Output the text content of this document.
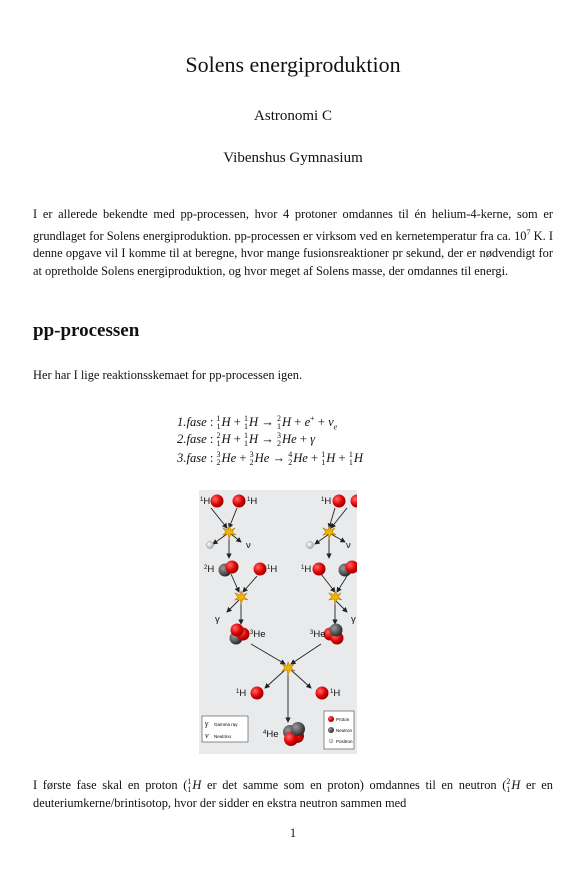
Solens energiproduktion
Astronomi C
Vibenshus Gymnasium
I er allerede bekendte med pp-processen, hvor 4 protoner omdannes til én helium-4-kerne, som er grundlaget for Solens energiproduktion. pp-processen er virksom ved en kernetemperatur fra ca. $10^7$ K. I denne opgave vil I komme til at beregne, hvor mange fusionsreaktioner pr sekund, der er nødvendigt for at opretholde Solens energiproduktion, og hvor meget af Solens masse, der omdannes til energi.
pp-processen
Her har I lige reaktionsskemaet for pp-processen igen.
1.fase : 1
1 H + 1
1 H → 2
1 $H + e^+ + \nu_e$
2.fase : 2
1 H + 1
1 H → 3
2 He + γ
3.fase : 3
2 He + 3
2 He → 4
2 He + 1
1 H + 1
1 H
$^1$H	$^1$H	$^1$H
$^2$H	$^1$H	$^1$H
$^3$He	$^3$He
$^1$H	$^1$H
$^4$He
ν	ν
γ	γ
γ Gamma ray
ν Neutrino
Proton
Neutron
Positron
I første fase skal en proton ( 1
1 H er det samme som en proton) omdannes til en neutron ( 2
1 H er en deuteriumkerne/brintisotop, hvor der sidder en ekstra neutron sammen med
1
